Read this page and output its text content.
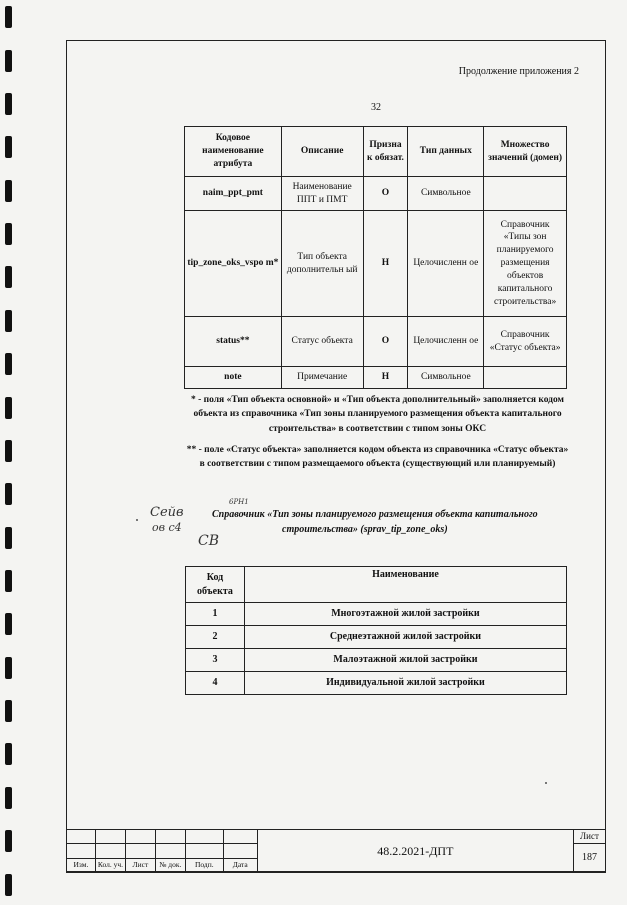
Продолжение приложения 2
32
Кодовое наименование атрибута	Описание	Призна к обязат.	Тип данных	Множество значений (домен)
naim_ppt_pmt	Наименование ППТ и ПМТ	О	Символьное	
tip_zone_oks_vspo m*	Тип объекта дополнительн ый	Н	Целочисленн ое	Справочник «Типы зон планируемого размещения объектов капитального строительства»
status**	Статус объекта	О	Целочисленн ое	Справочник «Статус объекта»
note	Примечание	Н	Символьное	
* - поля «Тип объекта основной» и «Тип объекта дополнительный» заполняется кодом объекта из справочника «Тип зоны планируемого размещения объекта капитального строительства» в соответствии с типом зоны ОКС
** - поле «Статус объекта» заполняется кодом объекта из справочника «Статус объекта» в соответствии с типом размещаемого объекта (существующий или планируемый)
Сейв
ов с4
СВ
6РН1
Справочник «Тип зоны планируемого размещения объекта капитального
строительства» (sprav_tip_zone_oks)
Код объекта	Наименование
1	Многоэтажной жилой застройки
2	Среднеэтажной жилой застройки
3	Малоэтажной жилой застройки
4	Индивидуальной жилой застройки
						48.2.2021-ДПТ	Лист
							187
Изм.	Кол. уч.	Лист	№ док.	Подп.	Дата		
